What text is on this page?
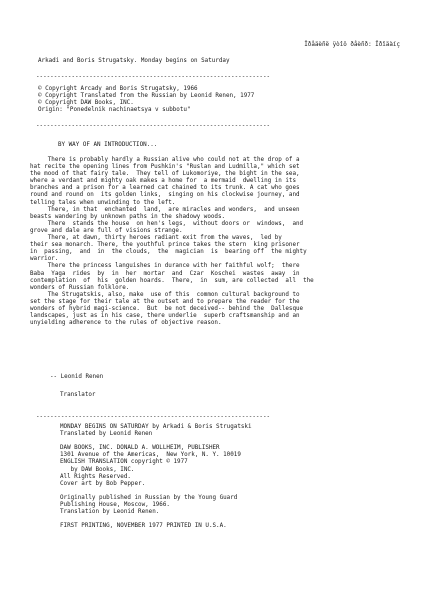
Ïðåäèñë ÿòîö ðåèñð: Ïðîäàíç

Arkadi and Boris Strugatsky. Monday begins on Saturday

------------------------------------------------------------------

© Copyright Arcady and Boris Strugatsky, 1966

© Copyright Translated from the Russian by Leonid Renen, 1977

© Copyright DAW Books, INC.

Origin: "Ponedelnik nachinaetsya v subbotu"

------------------------------------------------------------------

BY WAY OF AN INTRODUCTION...

There is probably hardly a Russian alive who could not at the drop of a

hat recite the opening lines from Pushkin's "Ruslan and Ludmilla," which set

the mood of that fairy tale.  They tell of Lukomoriye, the bight in the sea,

where a verdant and mighty oak makes a home for  a mermaid  dwelling in its

branches and a prison for a learned cat chained to its trunk. A cat who goes

round and round on  its golden links,  singing on his clockwise journey, and

telling tales when unwinding to the left.

There, in that  enchanted  land,  are miracles and wonders,  and unseen

beasts wandering by unknown paths in the shadowy woods.

There  stands the house  on hen's legs,  without doors or  windows,  and

grove and dale are full of visions strange.

There, at dawn, thirty heroes radiant exit from the waves,  led by

their sea monarch. There, the youthful prince takes the stern  king prisoner

in  passing,  and  in  the clouds,  the  magician  is  bearing off  the mighty

warrior.

There the princess languishes in durance with her faithful wolf;  there

Baba  Yaga  rides  by  in  her  mortar  and  Czar  Koschei  wastes  away  in

contemplation  of  his  golden hoards.  There,  in  sum, are collected  all  the

wonders of Russian folklore.

The Strugatskis, also, make  use of this  common cultural background to

set the stage for their tale at the outset and to prepare the reader for the

wonders of hybrid magi-science.  But  be not deceived-- behind the  Dallesque

landscapes, just as in his case, there underlie  superb craftsmanship and an

unyielding adherence to the rules of objective reason.

-- Leonid Renen

Translator

------------------------------------------------------------------

MONDAY BEGINS ON SATURDAY by Arkadi & Boris Strugatski

Translated by Leonid Renen

DAW BOOKS, INC. DONALD A. WOLLHEIM, PUBLISHER

1301 Avenue of the Americas,  New York, N. Y. 10019

ENGLISH TRANSLATION copyright © 1977

by DAW Books, INC.

All Rights Reserved.

Cover art by Bob Pepper.

Originally published in Russian by the Young Guard

Publishing House, Moscow, 1966.

Translation by Leonid Renen.

FIRST PRINTING, NOVEMBER 1977 PRINTED IN U.S.A.
